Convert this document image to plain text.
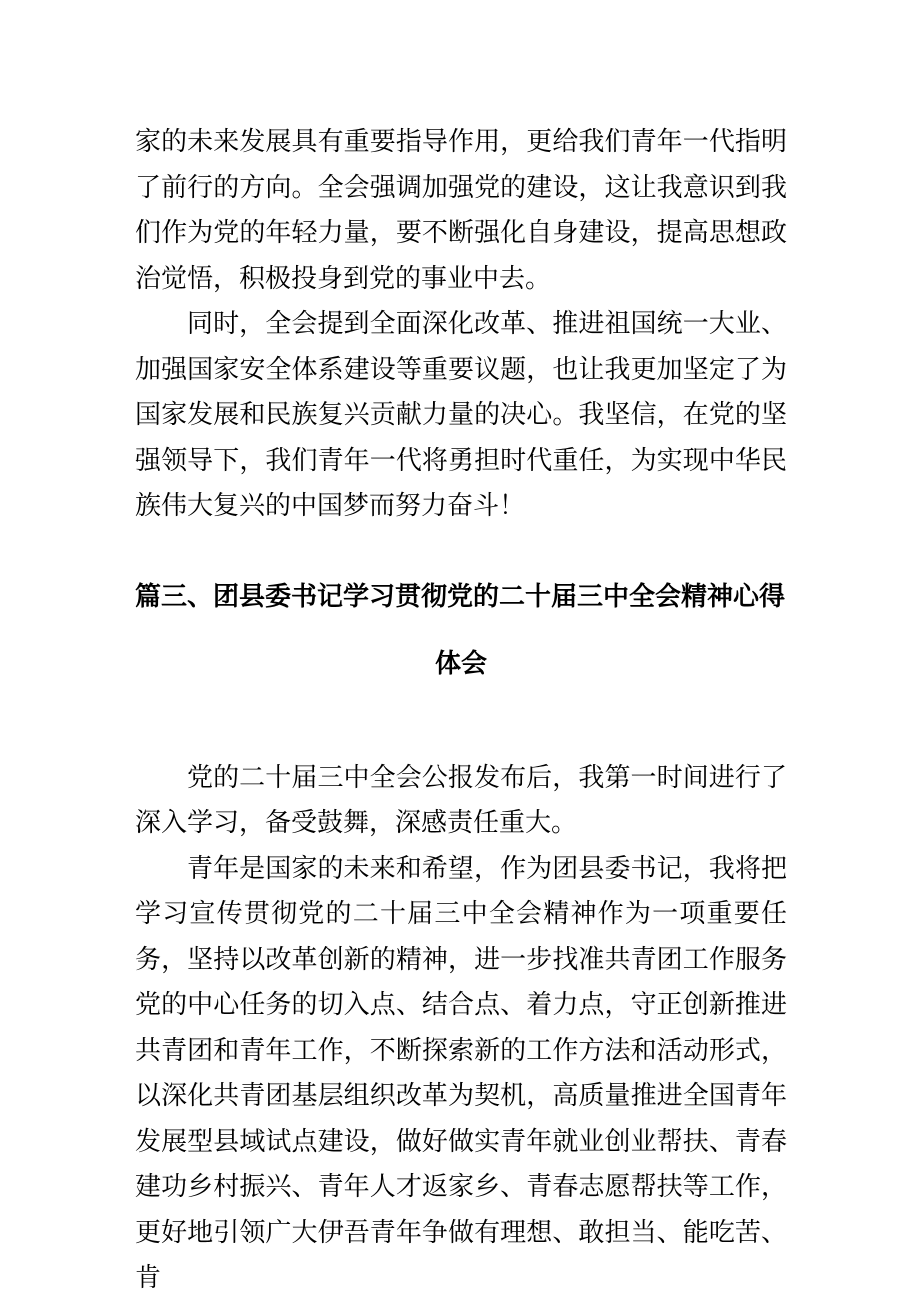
家的未来发展具有重要指导作用，更给我们青年一代指明了前行的方向。全会强调加强党的建设，这让我意识到我们作为党的年轻力量，要不断强化自身建设，提高思想政治觉悟，积极投身到党的事业中去。

同时，全会提到全面深化改革、推进祖国统一大业、加强国家安全体系建设等重要议题，也让我更加坚定了为国家发展和民族复兴贡献力量的决心。我坚信，在党的坚强领导下，我们青年一代将勇担时代重任，为实现中华民族伟大复兴的中国梦而努力奋斗！

篇三、团县委书记学习贯彻党的二十届三中全会精神心得
体会

党的二十届三中全会公报发布后，我第一时间进行了深入学习，备受鼓舞，深感责任重大。

青年是国家的未来和希望，作为团县委书记，我将把学习宣传贯彻党的二十届三中全会精神作为一项重要任务，坚持以改革创新的精神，进一步找准共青团工作服务党的中心任务的切入点、结合点、着力点，守正创新推进共青团和青年工作，不断探索新的工作方法和活动形式，以深化共青团基层组织改革为契机，高质量推进全国青年发展型县域试点建设，做好做实青年就业创业帮扶、青春建功乡村振兴、青年人才返家乡、青春志愿帮扶等工作，更好地引领广大伊吾青年争做有理想、敢担当、能吃苦、肯
